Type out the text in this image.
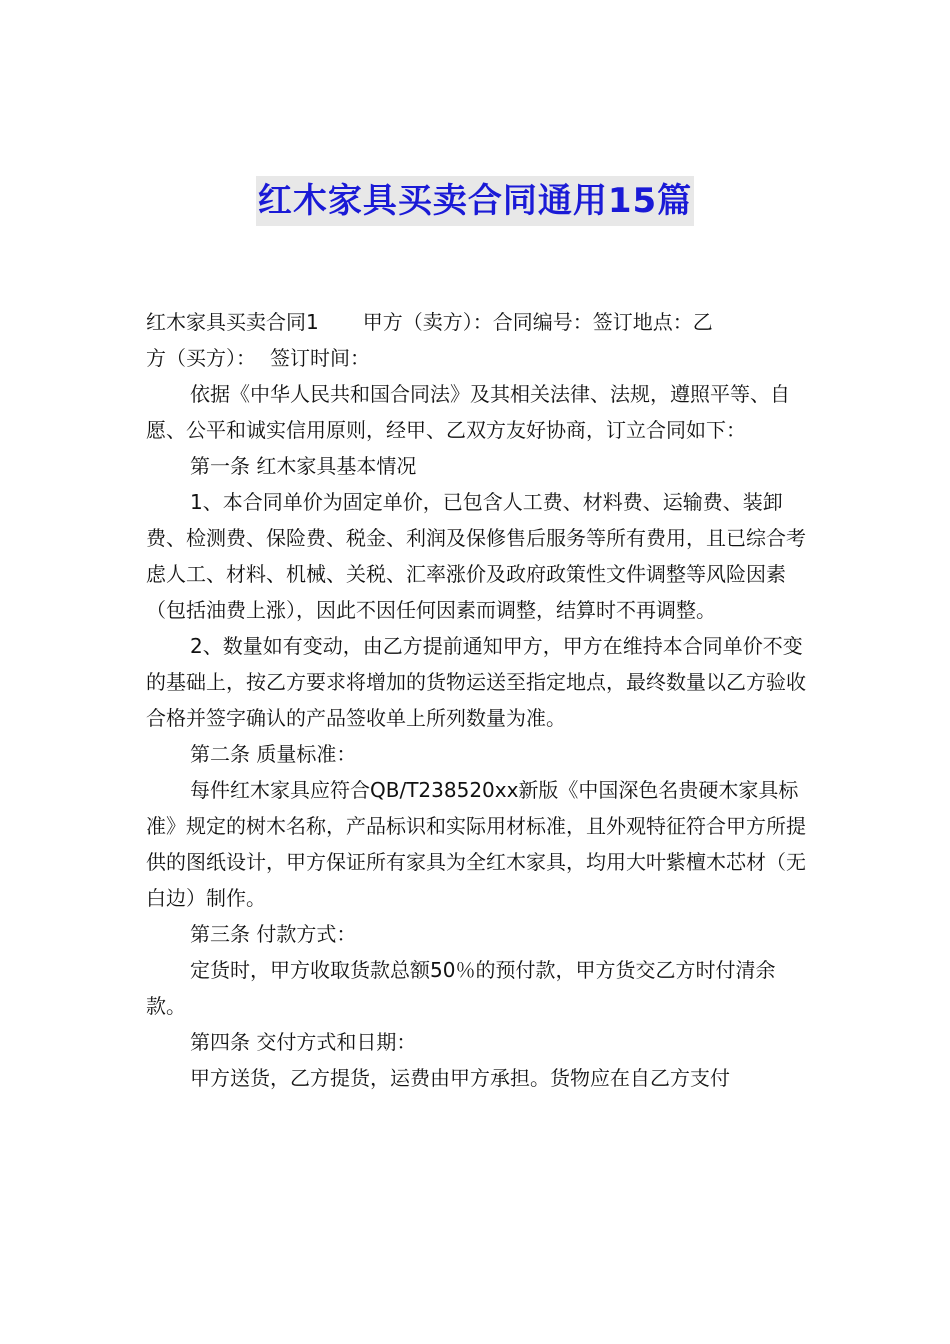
红木家具买卖合同通用15篇

红木家具买卖合同1 甲方（卖方）：合同编号：签订地点：乙

方（买方）： 签订时间：

依据《中华人民共和国合同法》及其相关法律、法规，遵照平等、自愿、公平和诚实信用原则，经甲、乙双方友好协商，订立合同如下：

第一条 红木家具基本情况

1、本合同单价为固定单价，已包含人工费、材料费、运输费、装卸费、检测费、保险费、税金、利润及保修售后服务等所有费用，且已综合考虑人工、材料、机械、关税、汇率涨价及政府政策性文件调整等风险因素（包括油费上涨），因此不因任何因素而调整，结算时不再调整。

2、数量如有变动，由乙方提前通知甲方，甲方在维持本合同单价不变的基础上，按乙方要求将增加的货物运送至指定地点，最终数量以乙方验收合格并签字确认的产品签收单上所列数量为准。

第二条 质量标准：

每件红木家具应符合QB/T238520xx新版《中国深色名贵硬木家具标准》规定的树木名称，产品标识和实际用材标准，且外观特征符合甲方所提供的图纸设计，甲方保证所有家具为全红木家具，均用大叶紫檀木芯材（无白边）制作。

第三条 付款方式：

定货时，甲方收取货款总额50％的预付款，甲方货交乙方时付清余款。

第四条 交付方式和日期：

甲方送货，乙方提货，运费由甲方承担。货物应在自乙方支付
